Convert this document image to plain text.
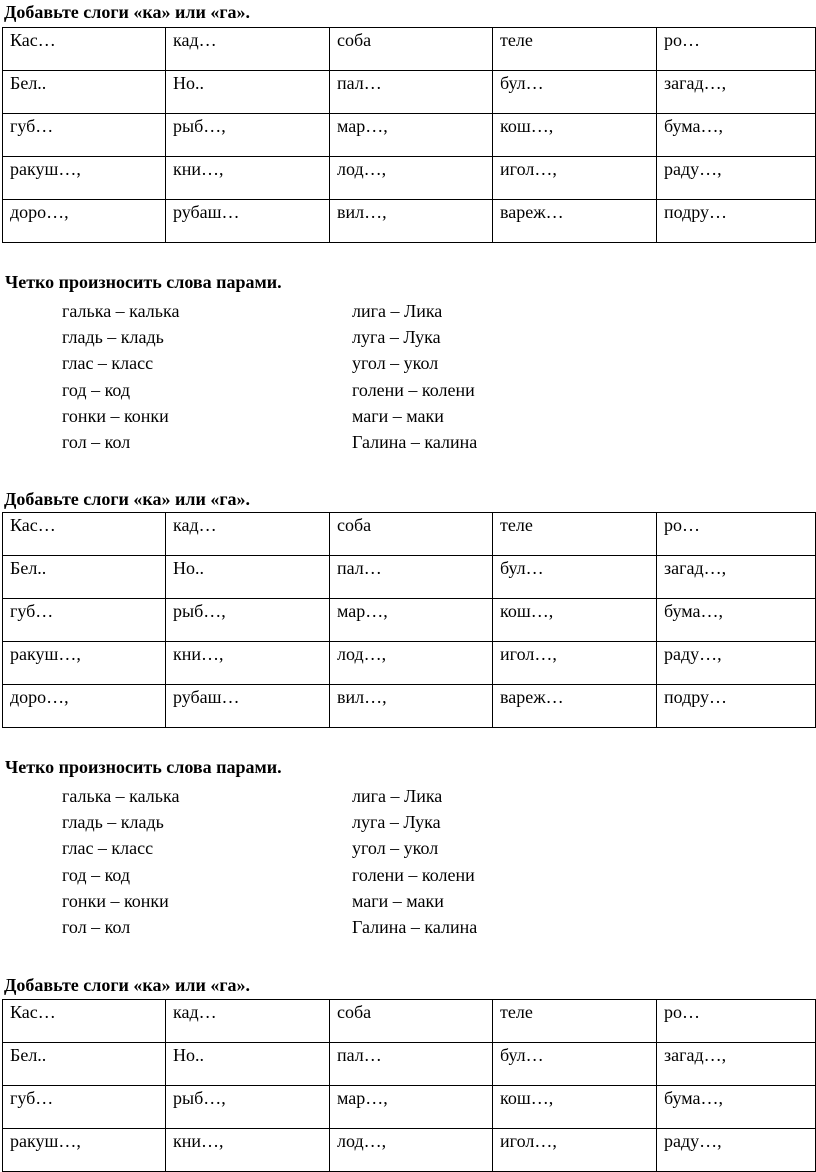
Добавьте слоги «ка» или «га».
Кас…	кад…	соба	теле	ро…
Бел..	Но..	пал…	бул…	загад…,
губ…	рыб…,	мар…,	кош…,	бума…,
ракуш…,	кни…,	лод…,	игол…,	раду…,
доро…,	рубаш…	вил…,	вареж…	подру…
Четко произносить слова парами.
галька – калька	лига – Лика
гладь – кладь	луга – Лука
глас – класс	угол – укол
год – код	голени – колени
гонки – конки	маги – маки
гол – кол	Галина – калина
Добавьте слоги «ка» или «га».
Кас…	кад…	соба	теле	ро…
Бел..	Но..	пал…	бул…	загад…,
губ…	рыб…,	мар…,	кош…,	бума…,
ракуш…,	кни…,	лод…,	игол…,	раду…,
доро…,	рубаш…	вил…,	вареж…	подру…
Четко произносить слова парами.
галька – калька	лига – Лика
гладь – кладь	луга – Лука
глас – класс	угол – укол
год – код	голени – колени
гонки – конки	маги – маки
гол – кол	Галина – калина
Добавьте слоги «ка» или «га».
Кас…	кад…	соба	теле	ро…
Бел..	Но..	пал…	бул…	загад…,
губ…	рыб…,	мар…,	кош…,	бума…,
ракуш…,	кни…,	лод…,	игол…,	раду…,
